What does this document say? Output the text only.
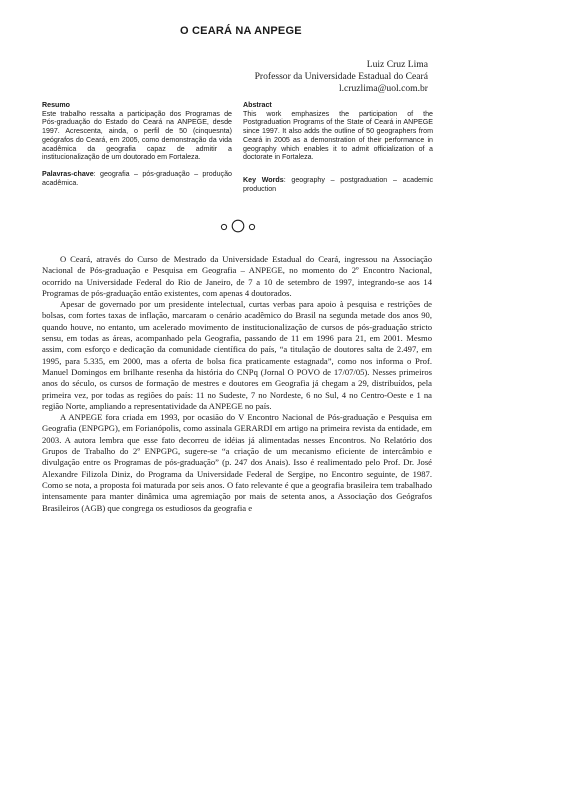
O CEARÁ NA ANPEGE
Luiz Cruz Lima
Professor da Universidade Estadual do Ceará
l.cruzlima@uol.com.br

Resumo

Este trabalho ressalta a participação dos Programas de Pós-graduação do Estado do Ceará na ANPEGE, desde 1997. Acrescenta, ainda, o perfil de 50 (cinquesnta) geógrafos do Ceará, em 2005, como demonstração da vida acadêmica da geografia capaz de admitir a institucionalização de um doutorado em Fortaleza.

Palavras-chave: geografia – pós-graduação – produção acadêmica.

Abstract

This work emphasizes the participation of the Postgraduation Programs of the State of Ceará in ANPEGE since 1997. It also adds the outline of 50 geographers from Ceará in 2005 as a demonstration of their performance in geography which enables it to admit officialization of a doctorate in Fortaleza.

Key Words: geography – postgraduation – academic production

O Ceará, através do Curso de Mestrado da Universidade Estadual do Ceará, ingressou na Associação Nacional de Pós-graduação e Pesquisa em Geografia – ANPEGE, no momento do 2º Encontro Nacional, ocorrido na Universidade Federal do Rio de Janeiro, de 7 a 10 de setembro de 1997, integrando-se aos 14 Programas de pós-graduação então existentes, com apenas 4 doutorados.

Apesar de governado por um presidente intelectual, curtas verbas para apoio à pesquisa e restrições de bolsas, com fortes taxas de inflação, marcaram o cenário acadêmico do Brasil na segunda metade dos anos 90, quando houve, no entanto, um acelerado movimento de institucionalização de cursos de pós-graduação stricto sensu, em todas as áreas, acompanhado pela Geografia, passando de 11 em 1996 para 21, em 2001. Mesmo assim, com esforço e dedicação da comunidade científica do país, “a titulação de doutores salta de 2.497, em 1995, para 5.335, em 2000, mas a oferta de bolsa fica praticamente estagnada”, como nos informa o Prof. Manuel Domingos em brilhante resenha da história do CNPq (Jornal O POVO de 17/07/05). Nesses primeiros anos do século, os cursos de formação de mestres e doutores em Geografia já chegam a 29, distribuídos, pela primeira vez, por todas as regiões do país: 11 no Sudeste, 7 no Nordeste, 6 no Sul, 4 no Centro-Oeste e 1 na região Norte, ampliando a representatividade da ANPEGE no país.

A ANPEGE fora criada em 1993, por ocasião do V Encontro Nacional de Pós-graduação e Pesquisa em Geografia (ENPGPG), em Forianópolis, como assinala GERARDI em artigo na primeira revista da entidade, em 2003. A autora lembra que esse fato decorreu de idéias já alimentadas nesses Encontros. No Relatório dos Grupos de Trabalho do 2º ENPGPG, sugere-se “a criação de um mecanismo eficiente de intercâmbio e divulgação entre os Programas de pós-graduação” (p. 247 dos Anais). Isso é realimentado pelo Prof. Dr. José Alexandre Filizola Diniz, do Programa da Universidade Federal de Sergipe, no Encontro seguinte, de 1987. Como se nota, a proposta foi maturada por seis anos. O fato relevante é que a geografia brasileira tem trabalhado intensamente para manter dinâmica uma agremiação por mais de setenta anos, a Associação dos Geógrafos Brasileiros (AGB) que congrega os estudiosos da geografia e
